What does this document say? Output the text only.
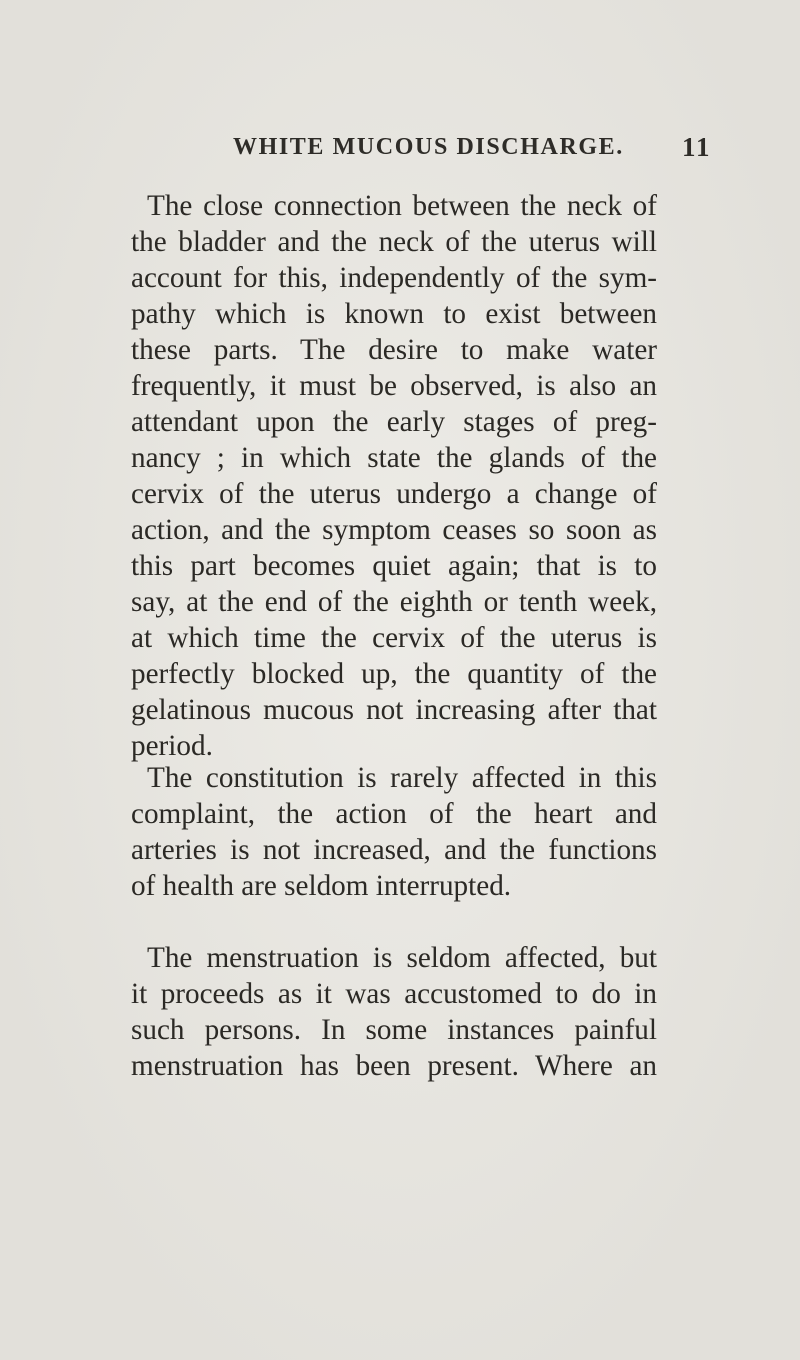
WHITE MUCOUS DISCHARGE. 11

The close connection between the neck of
the bladder and the neck of the uterus will
account for this, independently of the sym-
pathy which is known to exist between
these parts. The desire to make water
frequently, it must be observed, is also an
attendant upon the early stages of preg-
nancy ; in which state the glands of the
cervix of the uterus undergo a change of
action, and the symptom ceases so soon as
this part becomes quiet again; that is to
say, at the end of the eighth or tenth week,
at which time the cervix of the uterus is
perfectly blocked up, the quantity of the
gelatinous mucous not increasing after that
period.

The constitution is rarely affected in this
complaint, the action of the heart and
arteries is not increased, and the functions
of health are seldom interrupted.

The menstruation is seldom affected, but
it proceeds as it was accustomed to do in
such persons. In some instances painful
menstruation has been present. Where an
